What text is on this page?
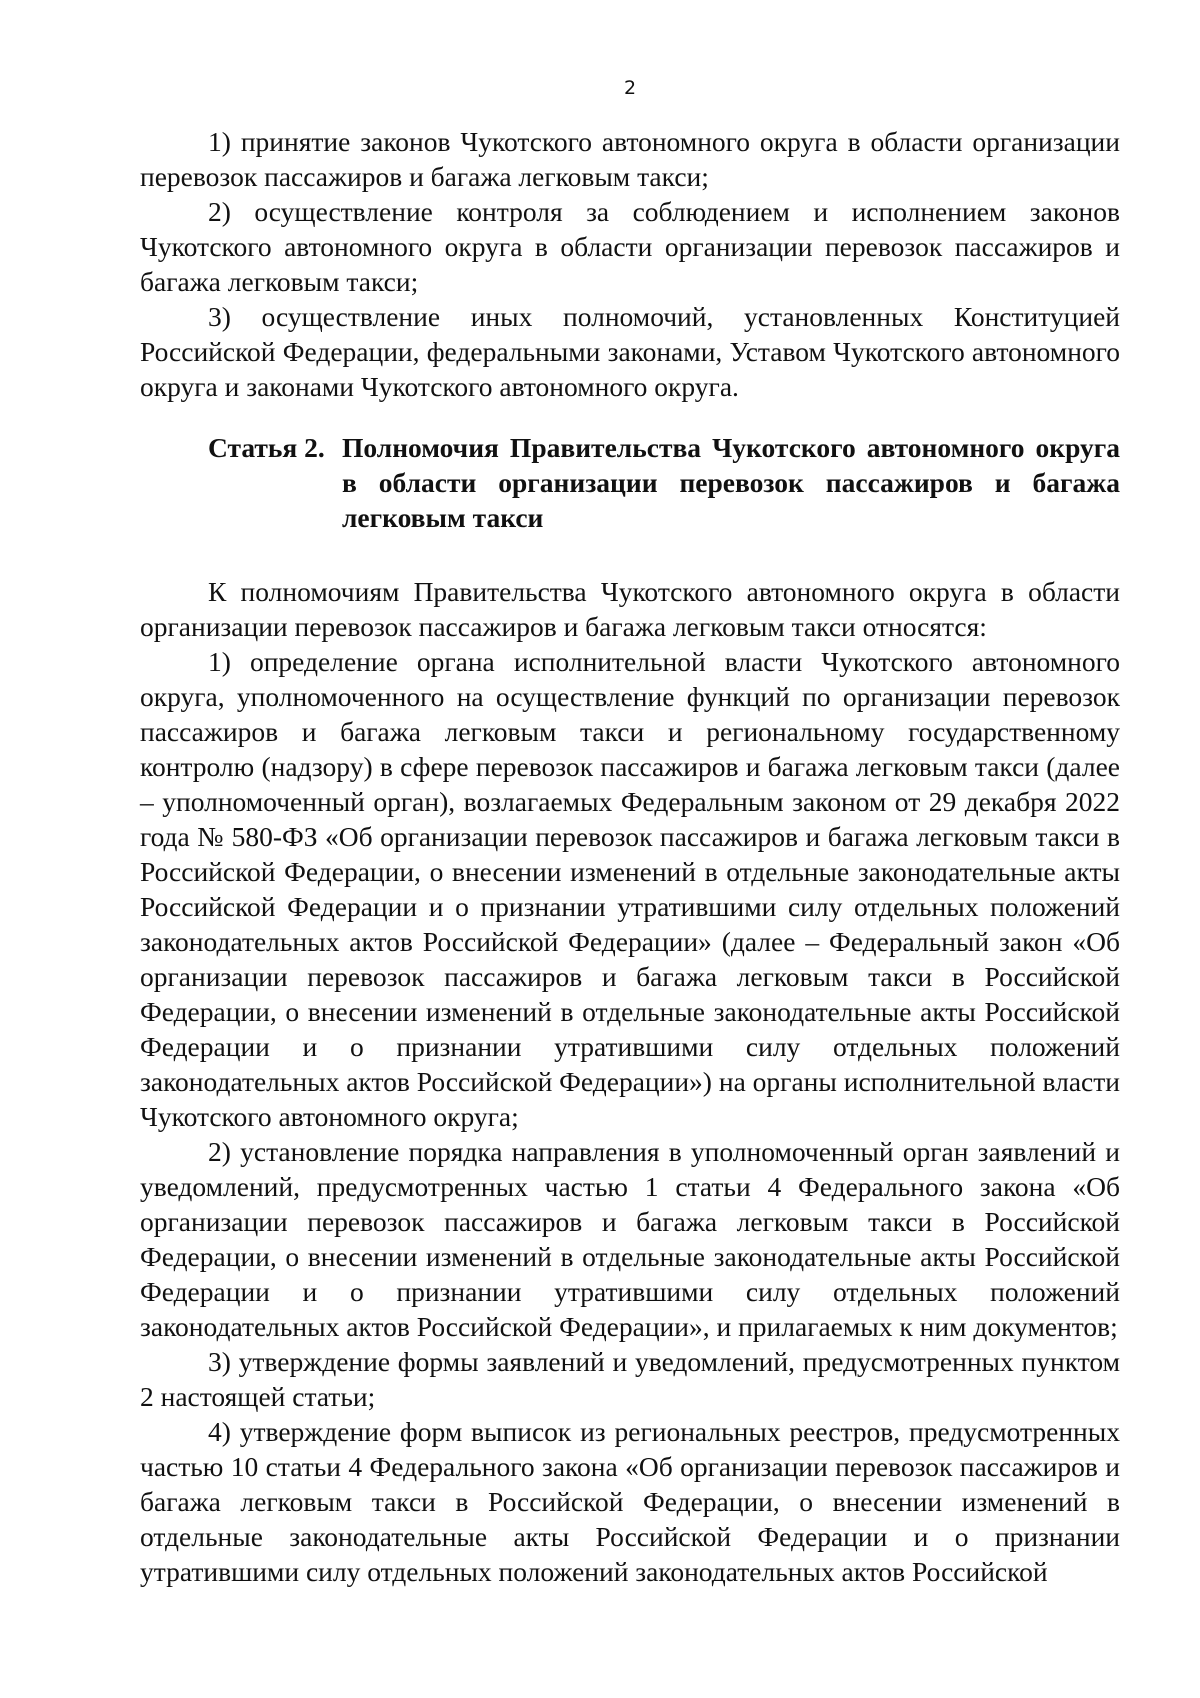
2

1) принятие законов Чукотского автономного округа в области организации перевозок пассажиров и багажа легковым такси;

2) осуществление контроля за соблюдением и исполнением законов Чукотского автономного округа в области организации перевозок пассажиров и багажа легковым такси;

3) осуществление иных полномочий, установленных Конституцией Российской Федерации, федеральными законами, Уставом Чукотского автономного округа и законами Чукотского автономного округа.

Статья 2. Полномочия Правительства Чукотского автономного округа в области организации перевозок пассажиров и багажа легковым такси

К полномочиям Правительства Чукотского автономного округа в области организации перевозок пассажиров и багажа легковым такси относятся:

1) определение органа исполнительной власти Чукотского автономного округа, уполномоченного на осуществление функций по организации перевозок пассажиров и багажа легковым такси и региональному государственному контролю (надзору) в сфере перевозок пассажиров и багажа легковым такси (далее – уполномоченный орган), возлагаемых Федеральным законом от 29 декабря 2022 года № 580-ФЗ «Об организации перевозок пассажиров и багажа легковым такси в Российской Федерации, о внесении изменений в отдельные законодательные акты Российской Федерации и о признании утратившими силу отдельных положений законодательных актов Российской Федерации» (далее – Федеральный закон «Об организации перевозок пассажиров и багажа легковым такси в Российской Федерации, о внесении изменений в отдельные законодательные акты Российской Федерации и о признании утратившими силу отдельных положений законодательных актов Российской Федерации») на органы исполнительной власти Чукотского автономного округа;

2) установление порядка направления в уполномоченный орган заявлений и уведомлений, предусмотренных частью 1 статьи 4 Федерального закона «Об организации перевозок пассажиров и багажа легковым такси в Российской Федерации, о внесении изменений в отдельные законодательные акты Российской Федерации и о признании утратившими силу отдельных положений законодательных актов Российской Федерации», и прилагаемых к ним документов;

3) утверждение формы заявлений и уведомлений, предусмотренных пунктом 2 настоящей статьи;

4) утверждение форм выписок из региональных реестров, предусмотренных частью 10 статьи 4 Федерального закона «Об организации перевозок пассажиров и багажа легковым такси в Российской Федерации, о внесении изменений в отдельные законодательные акты Российской Федерации и о признании утратившими силу отдельных положений законодательных актов Российской
